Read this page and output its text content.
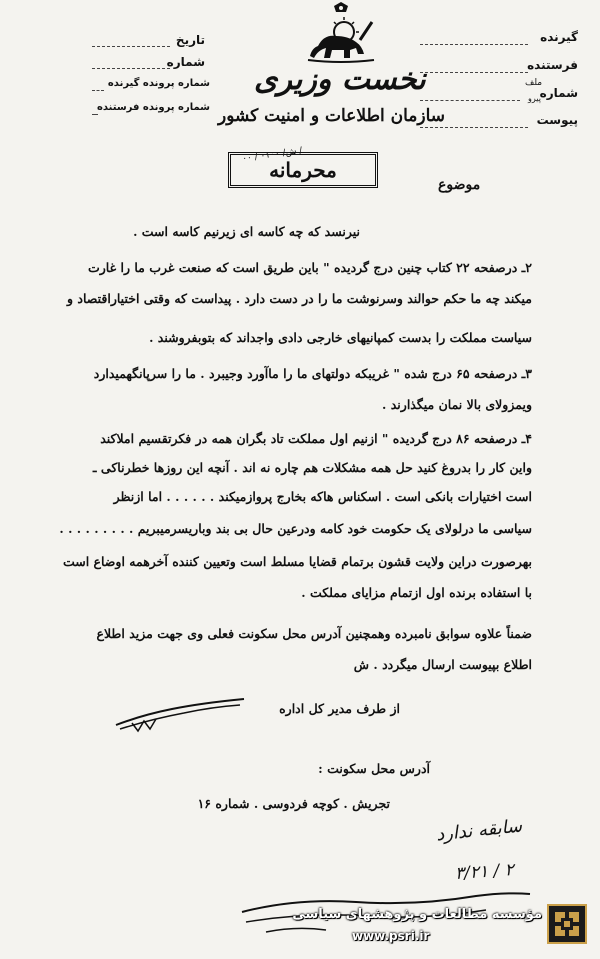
گیرنده
فرستنده
شماره
ملف
پیرو
پیوست
تاریخ
شماره
شماره پرونده گیرنده
شماره پرونده فرستنده
نخست وزیری
سازمان اطلاعات و امنیت کشور
ش/ ۰۱۰۰ / ۰۰ /
محرمانه
موضوع
نیرنسد که چه کاسه ای زیرنیم کاسه است .
۲ـ درصفحه ۲۲ کتاب چنین درج گردیده " باین طریق است که صنعت غرب ما را غارت
میکند چه ما حکم حوالند وسرنوشت ما را در دست دارد . پیداست که وقتی اختیاراقتصاد و
سیاست مملکت را بدست کمپانیهای خارجی دادی واجداند که بتوبفروشند .
۳ـ درصفحه ۶۵ درج شده " غریبکه دولتهای ما را ماآورد وجیبرد . ما را سرپانگهمیدارد
ویمزولای بالا نمان میگذارند .
۴ـ درصفحه ۸۶ درج گردیده " ازنیم اول مملکت تاد بگران همه در فکرتقسیم املاکند
واین کار را بدروغ کنید حل همه مشکلات هم چاره نه اند . آنچه این روزها خطرناکی ـ
است اختیارات بانکی است . اسکناس هاکه بخارج پروازمیکند . . . . . . اما ازنظر
سیاسی ما درلولای یک حکومت خود کامه ودرعین حال بی بند وباریسرمیبریم . . . . . . . . .
بهرصورت دراین ولایت قشون برتمام قضایا مسلط است وتعیین کننده آخرهمه اوضاع است
با استفاده برنده اول ازتمام مزایای مملکت .
ضمناً علاوه سوابق نامبرده وهمچنین آدرس محل سکونت فعلی وی جهت مزید اطلاع
اطلاع بپیوست ارسال میگردد . ش
از طرف مدیر کل اداره
آدرس محل سکونت :
تجریش . کوچه فردوسی . شماره ۱۶
سابقه ندارد
۳/۲۱ / ۲
مؤسسه مطالعات و پژوهشهای سیاسی
www.psri.ir
